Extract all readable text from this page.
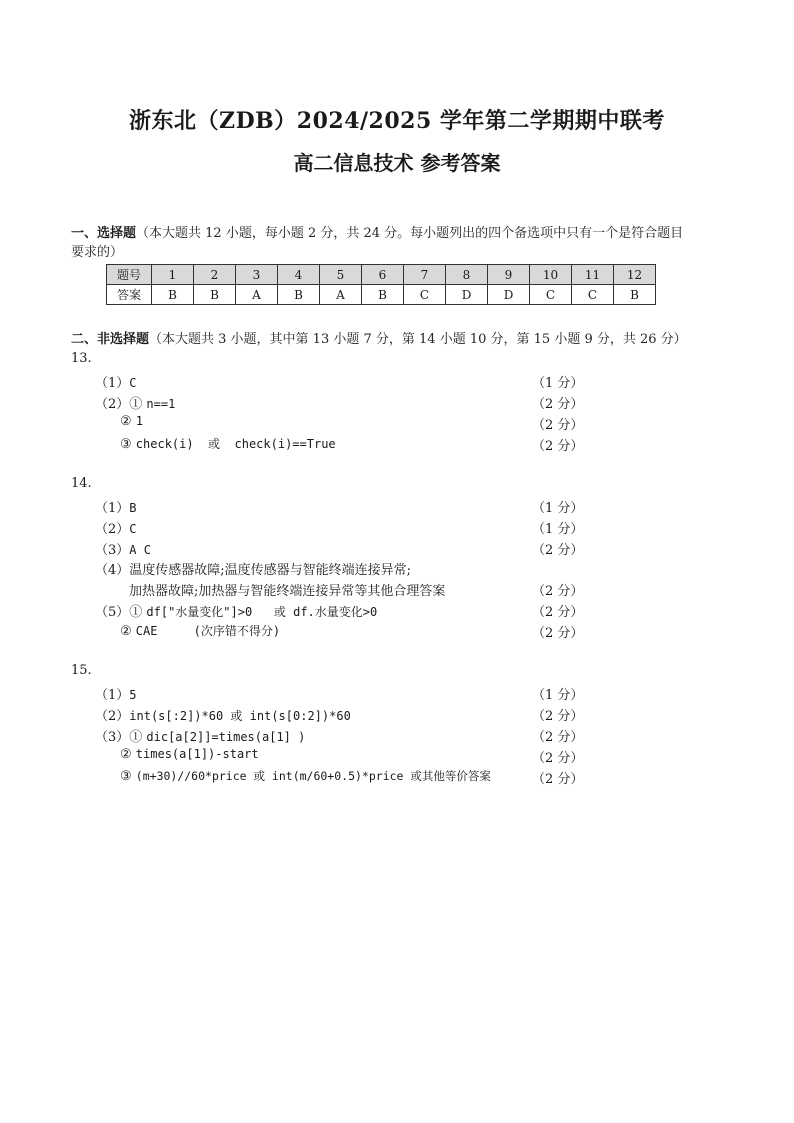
浙东北（ZDB）2024/2025 学年第二学期期中联考
高二信息技术 参考答案
一、选择题（本大题共 12 小题，每小题 2 分，共 24 分。每小题列出的四个备选项中只有一个是符合题目
要求的）
题号	1	2	3	4	5	6	7	8	9	10	11	12
答案	B	B	A	B	A	B	C	D	D	C	C	B
二、非选择题（本大题共 3 小题，其中第 13 小题 7 分，第 14 小题 10 分，第 15 小题 9 分，共 26 分）
13.
（1）C	（1 分）
（2）① n==1	（2 分）
② 1	（2 分）
③ check(i)  或  check(i)==True	（2 分）
14.
（1）B	（1 分）
（2）C	（1 分）
（3）A C	（2 分）
（4）温度传感器故障;温度传感器与智能终端连接异常;
加热器故障;加热器与智能终端连接异常等其他合理答案	（2 分）
（5）① df["水量变化"]>0   或 df.水量变化>0	（2 分）
② CAE     (次序错不得分)	（2 分）
15.
（1）5	（1 分）
（2）int(s[:2])*60 或 int(s[0:2])*60	（2 分）
（3）① dic[a[2]]=times(a[1] )	（2 分）
② times(a[1])-start	（2 分）
③ (m+30)//60*price 或 int(m/60+0.5)*price 或其他等价答案	（2 分）
